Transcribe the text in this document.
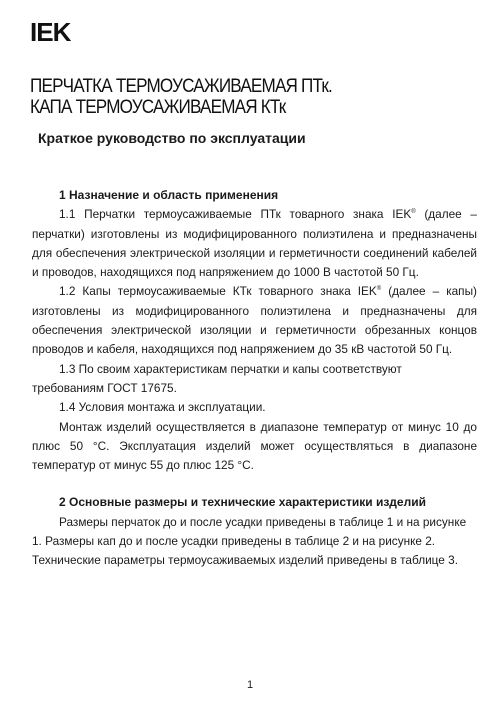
IEK
ПЕРЧАТКА ТЕРМОУСАЖИВАЕМАЯ ПТк.
КАПА ТЕРМОУСАЖИВАЕМАЯ КТк
Краткое руководство по эксплуатации
1 Назначение и область применения
1.1 Перчатки термоусаживаемые ПТк товарного знака IEK® (далее – перчатки) изготовлены из модифицированного полиэтилена и предназначены для обеспечения электрической изоляции и герметичности соединений кабелей и проводов, находящихся под напряжением до 1000 В частотой 50 Гц.
1.2 Капы термоусаживаемые КТк товарного знака IEK® (далее – капы) изготовлены из модифицированного полиэтилена и предназначены для обеспечения электрической изоляции и герметичности обрезанных концов проводов и кабеля, находящихся под напряжением до 35 кВ частотой 50 Гц.
1.3 По своим характеристикам перчатки и капы соответствуют требованиям ГОСТ 17675.
1.4 Условия монтажа и эксплуатации.
Монтаж изделий осуществляется в диапазоне температур от минус 10 до плюс 50 °С. Эксплуатация изделий может осуществляться в диапазоне температур от минус 55 до плюс 125 °С.
2 Основные размеры и технические характеристики изделий
Размеры перчаток до и после усадки приведены в таблице 1 и на рисунке 1. Размеры кап до и после усадки приведены в таблице 2 и на рисунке 2. Технические параметры термоусаживаемых изделий приведены в таблице 3.
1
